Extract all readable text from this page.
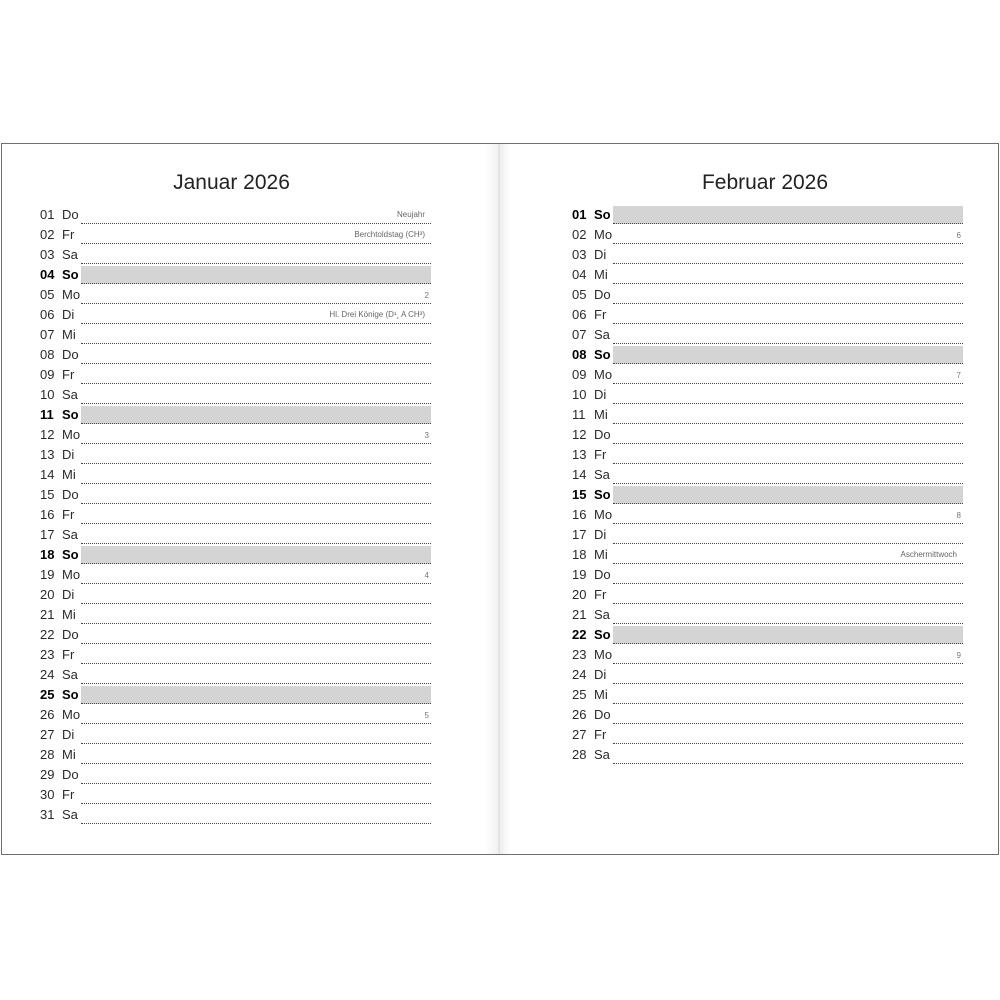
Januar 2026
01 Do	Neujahr
02 Fr	Berchtoldstag (CH³)
03 Sa
04 So
05 Mo	2
06 Di	Hl. Drei Könige (D¹¸ A CH³)
07 Mi
08 Do
09 Fr
10 Sa
11 So
12 Mo	3
13 Di
14 Mi
15 Do
16 Fr
17 Sa
18 So
19 Mo	4
20 Di
21 Mi
22 Do
23 Fr
24 Sa
25 So
26 Mo	5
27 Di
28 Mi
29 Do
30 Fr
31 Sa
Februar 2026
01 So
02 Mo	6
03 Di
04 Mi
05 Do
06 Fr
07 Sa
08 So
09 Mo	7
10 Di
11 Mi
12 Do
13 Fr
14 Sa
15 So
16 Mo	8
17 Di
18 Mi	Aschermittwoch
19 Do
20 Fr
21 Sa
22 So
23 Mo	9
24 Di
25 Mi
26 Do
27 Fr
28 Sa
